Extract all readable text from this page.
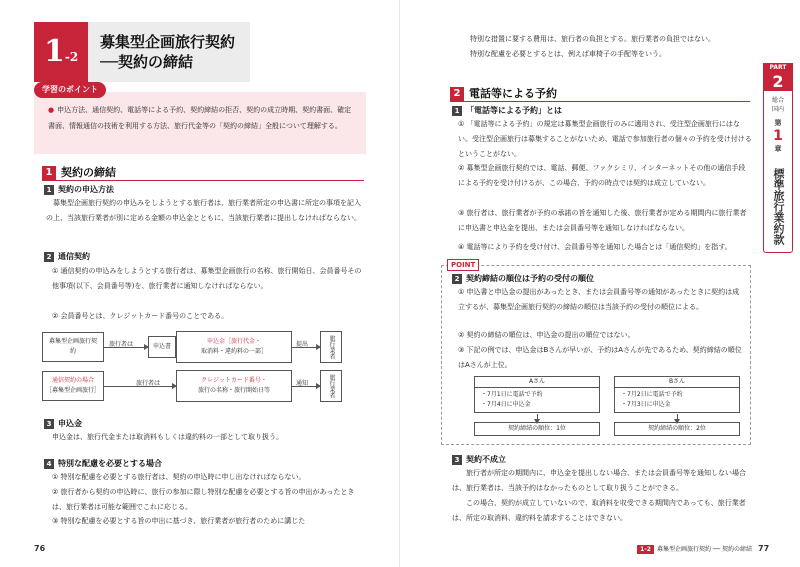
1-2
募集型企画旅行契約
──契約の締結
学習のポイント
● 申込方法、通信契約、電話等による予約、契約締結の拒否、契約の成立時期、契約書面、確定書面、情報通信の技術を利用する方法、旅行代金等の「契約の締結」全般について理解する。
1 契約の締結
1 契約の申込方法
募集型企画旅行契約の申込みをしようとする旅行者は、旅行業者所定の申込書に所定の事項を記入の上、当該旅行業者が別に定める金額の申込金とともに、当該旅行業者に提出しなければならない。
2 通信契約
① 通信契約の申込みをしようとする旅行者は、募集型企画旅行の名称、旅行開始日、会員番号その他事項(以下、会員番号等)を、旅行業者に通知しなければならない。
② 会員番号とは、クレジットカード番号のことである。
募集型企画旅行契約
旅行者は	申込書
申込金［旅行代金・
取消料・違約料の一部］
提出	旅行業者
通信契約の場合
［募集型企画旅行］
旅行者は	クレジットカード番号・
旅行の名称・旅行開始日等
通知	旅行業者
3 申込金
申込金は、旅行代金または取消料もしくは違約料の一部として取り扱う。
4 特別な配慮を必要とする場合
① 特別な配慮を必要とする旅行者は、契約の申込時に申し出なければならない。
② 旅行者から契約の申込時に、旅行の参加に際し特別な配慮を必要とする旨の申出があったときは、旅行業者は可能な範囲でこれに応じる。
③ 特別な配慮を必要とする旨の申出に基づき、旅行業者が旅行者のために講じた
76
特別な措置に要する費用は、旅行者の負担とする。旅行業者の負担ではない。
特別な配慮を必要とするとは、例えば車椅子の手配等をいう。
2 電話等による予約
1 「電話等による予約」とは
① 「電話等による予約」の規定は募集型企画旅行のみに適用され、受注型企画旅行にはない。受注型企画旅行は募集することがないため、電話で参加旅行者の個々の予約を受け付けるということがない。
② 募集型企画旅行契約では、電話、郵便、ファクシミリ、インターネットその他の通信手段による予約を受け付けるが、この場合、予約の時点では契約は成立していない。
③ 旅行者は、旅行業者が予約の承諾の旨を通知した後、旅行業者が定める期間内に旅行業者に申込書と申込金を提出、または会員番号等を通知しなければならない。
④ 電話等により予約を受け付け、会員番号等を通知した場合とは「通信契約」を指す。
POINT
2 契約締結の順位は予約の受付の順位
① 申込書と申込金の提出があったとき、または会員番号等の通知があったときに契約は成立するが、募集型企画旅行契約の締結の順位は当該予約の受付の順位による。
② 契約の締結の順位は、申込金の提出の順位ではない。
③ 下記の例では、申込金はBさんが早いが、予約はAさんが先であるため、契約締結の順位はAさんが上位。
Aさん
・7月1日に電話で予約
・7月4日に申込金
契約締結の順位：1位
Bさん
・7月2日に電話で予約
・7月3日に申込金
契約締結の順位：2位
3 契約不成立
旅行者が所定の期間内に、申込金を提出しない場合、または会員番号等を通知しない場合は、旅行業者は、当該予約はなかったものとして取り扱うことができる。
この場合、契約が成立していないので、取消料を収受できる期間内であっても、旅行業者は、所定の取消料、違約料を請求することはできない。
PART
2
総合
国内
第
1
章
標準旅行業約款
1-2	募集型企画旅行契約 ── 契約の締結 77
